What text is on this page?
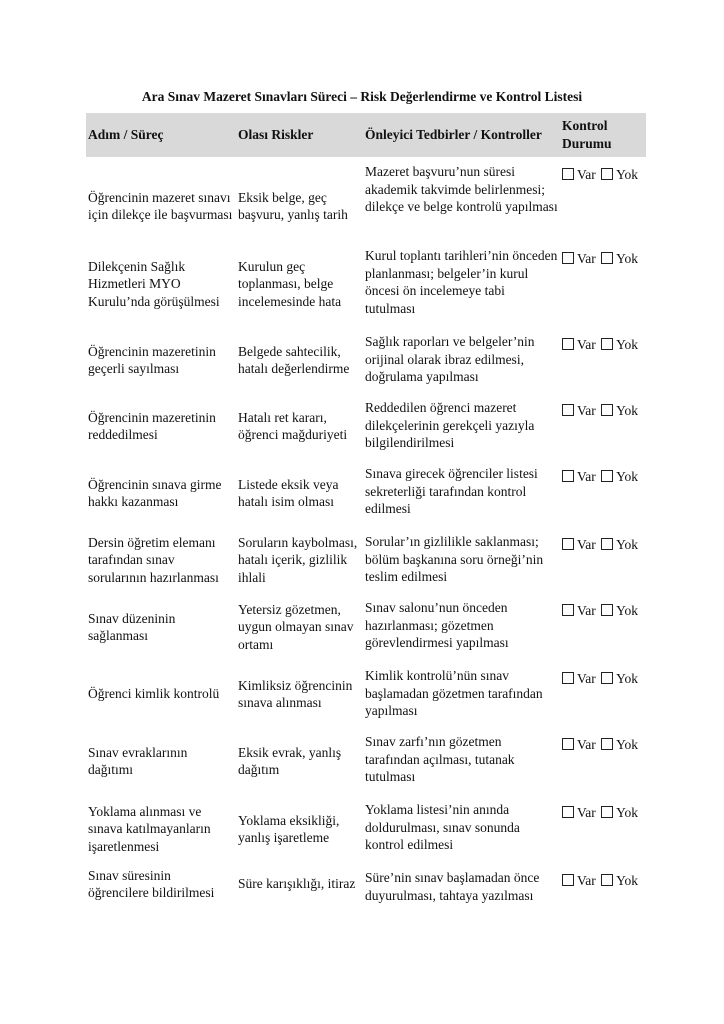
Ara Sınav Mazeret Sınavları Süreci – Risk Değerlendirme ve Kontrol Listesi
Adım / Süreç	Olası Riskler	Önleyici Tedbirler / Kontroller	Kontrol Durumu
Öğrencinin mazeret sınavı için dilekçe ile başvurması	Eksik belge, geç başvuru, yanlış tarih	Mazeret başvuru’nun süresi akademik takvimde belirlenmesi; dilekçe ve belge kontrolü yapılması	Var Yok
Dilekçenin Sağlık Hizmetleri MYO Kurulu’nda görüşülmesi	Kurulun geç toplanması, belge incelemesinde hata	Kurul toplantı tarihleri’nin önceden planlanması; belgeler’in kurul öncesi ön incelemeye tabi tutulması	Var Yok
Öğrencinin mazeretinin geçerli sayılması	Belgede sahtecilik, hatalı değerlendirme	Sağlık raporları ve belgeler’nin orijinal olarak ibraz edilmesi, doğrulama yapılması	Var Yok
Öğrencinin mazeretinin reddedilmesi	Hatalı ret kararı, öğrenci mağduriyeti	Reddedilen öğrenci mazeret dilekçelerinin gerekçeli yazıyla bilgilendirilmesi	Var Yok
Öğrencinin sınava girme hakkı kazanması	Listede eksik veya hatalı isim olması	Sınava girecek öğrenciler listesi sekreterliği tarafından kontrol edilmesi	Var Yok
Dersin öğretim elemanı tarafından sınav sorularının hazırlanması	Soruların kaybolması, hatalı içerik, gizlilik ihlali	Sorular’ın gizlilikle saklanması; bölüm başkanına soru örneği’nin teslim edilmesi	Var Yok
Sınav düzeninin sağlanması	Yetersiz gözetmen, uygun olmayan sınav ortamı	Sınav salonu’nun önceden hazırlanması; gözetmen görevlendirmesi yapılması	Var Yok
Öğrenci kimlik kontrolü	Kimliksiz öğrencinin sınava alınması	Kimlik kontrolü’nün sınav başlamadan gözetmen tarafından yapılması	Var Yok
Sınav evraklarının dağıtımı	Eksik evrak, yanlış dağıtım	Sınav zarfı’nın gözetmen tarafından açılması, tutanak tutulması	Var Yok
Yoklama alınması ve sınava katılmayanların işaretlenmesi	Yoklama eksikliği, yanlış işaretleme	Yoklama listesi’nin anında doldurulması, sınav sonunda kontrol edilmesi	Var Yok
Sınav süresinin öğrencilere bildirilmesi	Süre karışıklığı, itiraz	Süre’nin sınav başlamadan önce duyurulması, tahtaya yazılması	Var Yok
